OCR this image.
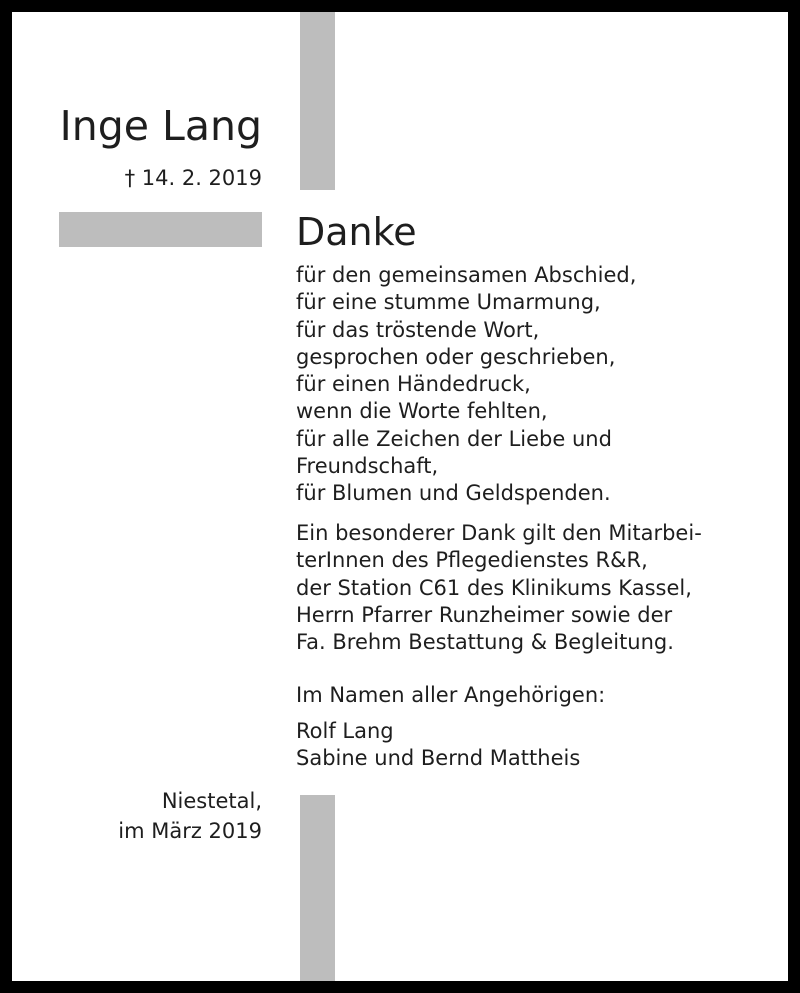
Inge Lang
† 14. 2. 2019
Danke
für den gemeinsamen Abschied,
für eine stumme Umarmung,
für das tröstende Wort,
gesprochen oder geschrieben,
für einen Händedruck,
wenn die Worte fehlten,
für alle Zeichen der Liebe und
Freundschaft,
für Blumen und Geldspenden.
Ein besonderer Dank gilt den Mitarbei-
terInnen des Pflegedienstes R&R,
der Station C61 des Klinikums Kassel,
Herrn Pfarrer Runzheimer sowie der
Fa. Brehm Bestattung & Begleitung.
Im Namen aller Angehörigen:
Rolf Lang
Sabine und Bernd Mattheis
Niestetal,
im März 2019
